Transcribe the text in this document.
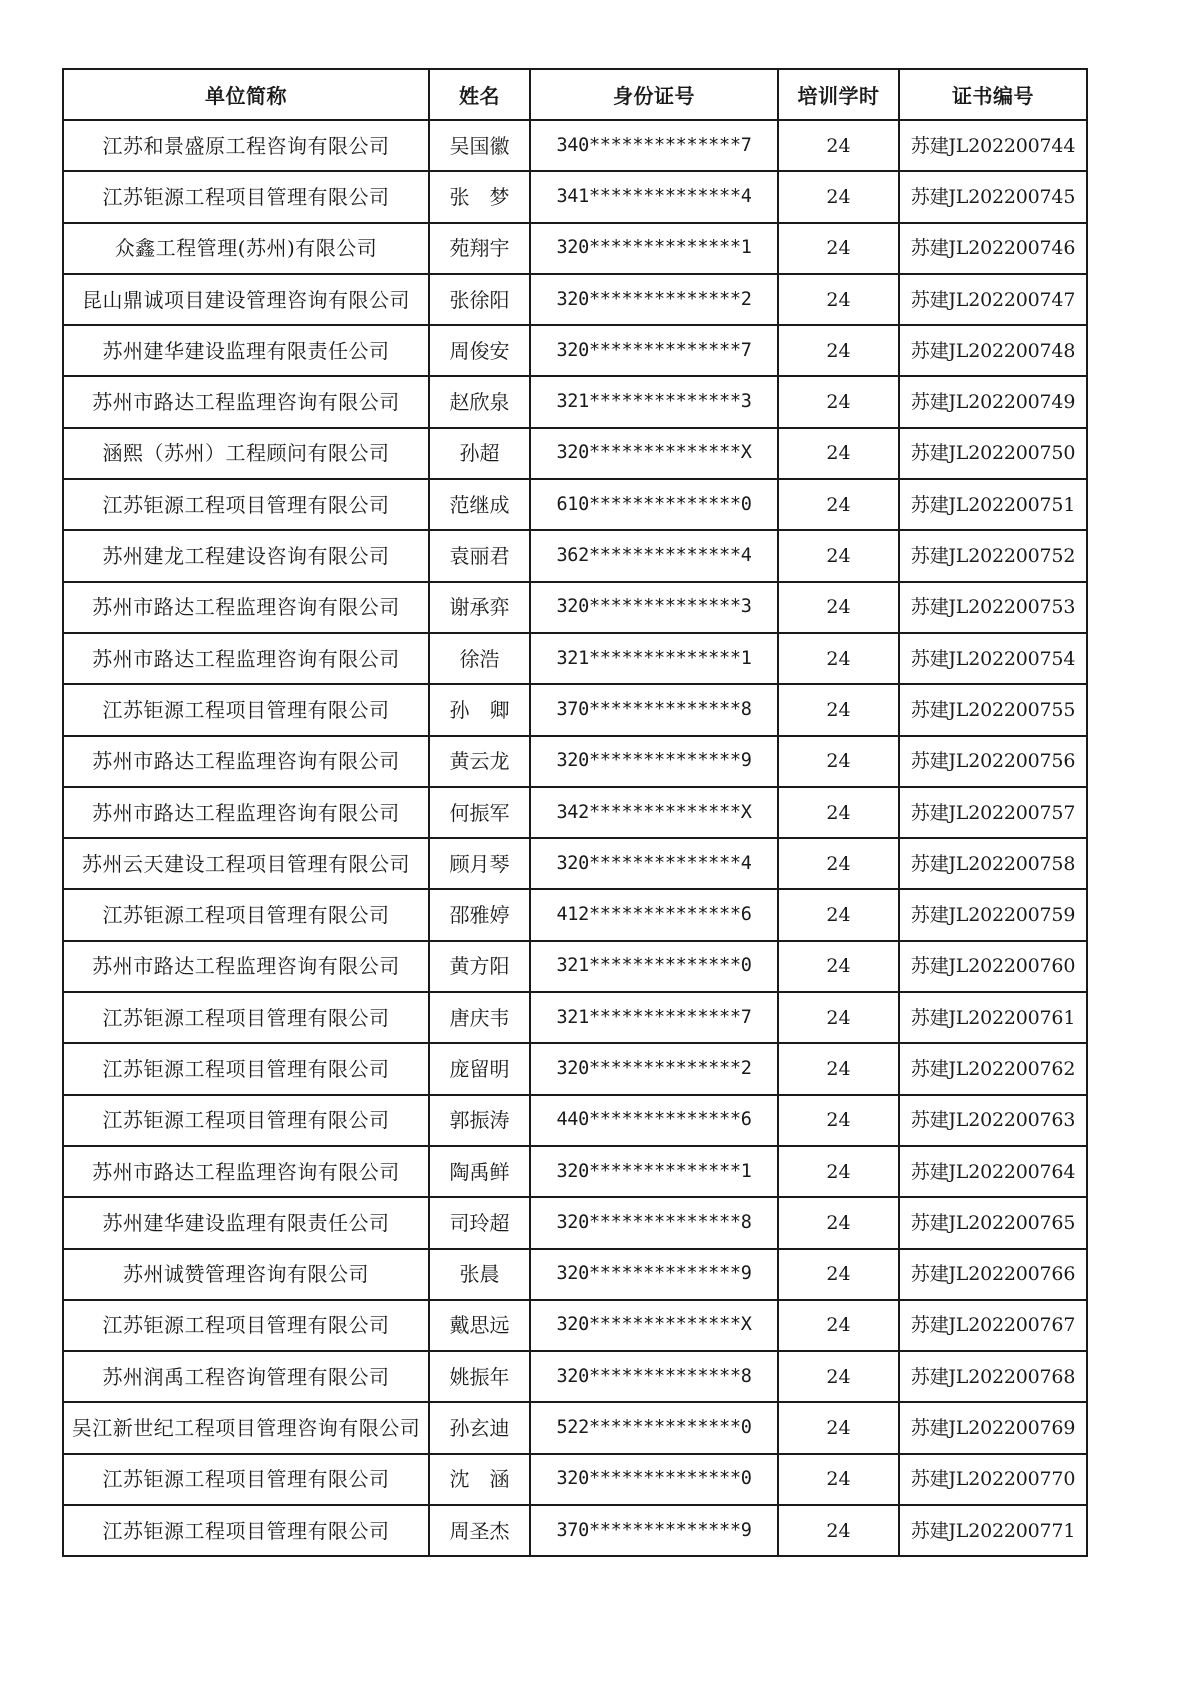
单位简称	姓名	身份证号	培训学时	证书编号
江苏和景盛原工程咨询有限公司	吴国徽	340**************7	24	苏建JL202200744
江苏钜源工程项目管理有限公司	张　梦	341**************4	24	苏建JL202200745
众鑫工程管理(苏州)有限公司	苑翔宇	320**************1	24	苏建JL202200746
昆山鼎诚项目建设管理咨询有限公司	张徐阳	320**************2	24	苏建JL202200747
苏州建华建设监理有限责任公司	周俊安	320**************7	24	苏建JL202200748
苏州市路达工程监理咨询有限公司	赵欣泉	321**************3	24	苏建JL202200749
涵熙（苏州）工程顾问有限公司	孙超	320**************X	24	苏建JL202200750
江苏钜源工程项目管理有限公司	范继成	610**************0	24	苏建JL202200751
苏州建龙工程建设咨询有限公司	袁丽君	362**************4	24	苏建JL202200752
苏州市路达工程监理咨询有限公司	谢承弈	320**************3	24	苏建JL202200753
苏州市路达工程监理咨询有限公司	徐浩	321**************1	24	苏建JL202200754
江苏钜源工程项目管理有限公司	孙　卿	370**************8	24	苏建JL202200755
苏州市路达工程监理咨询有限公司	黄云龙	320**************9	24	苏建JL202200756
苏州市路达工程监理咨询有限公司	何振军	342**************X	24	苏建JL202200757
苏州云天建设工程项目管理有限公司	顾月琴	320**************4	24	苏建JL202200758
江苏钜源工程项目管理有限公司	邵雅婷	412**************6	24	苏建JL202200759
苏州市路达工程监理咨询有限公司	黄方阳	321**************0	24	苏建JL202200760
江苏钜源工程项目管理有限公司	唐庆韦	321**************7	24	苏建JL202200761
江苏钜源工程项目管理有限公司	庞留明	320**************2	24	苏建JL202200762
江苏钜源工程项目管理有限公司	郭振涛	440**************6	24	苏建JL202200763
苏州市路达工程监理咨询有限公司	陶禹鲜	320**************1	24	苏建JL202200764
苏州建华建设监理有限责任公司	司玲超	320**************8	24	苏建JL202200765
苏州诚赞管理咨询有限公司	张晨	320**************9	24	苏建JL202200766
江苏钜源工程项目管理有限公司	戴思远	320**************X	24	苏建JL202200767
苏州润禹工程咨询管理有限公司	姚振年	320**************8	24	苏建JL202200768
吴江新世纪工程项目管理咨询有限公司	孙玄迪	522**************0	24	苏建JL202200769
江苏钜源工程项目管理有限公司	沈　涵	320**************0	24	苏建JL202200770
江苏钜源工程项目管理有限公司	周圣杰	370**************9	24	苏建JL202200771
